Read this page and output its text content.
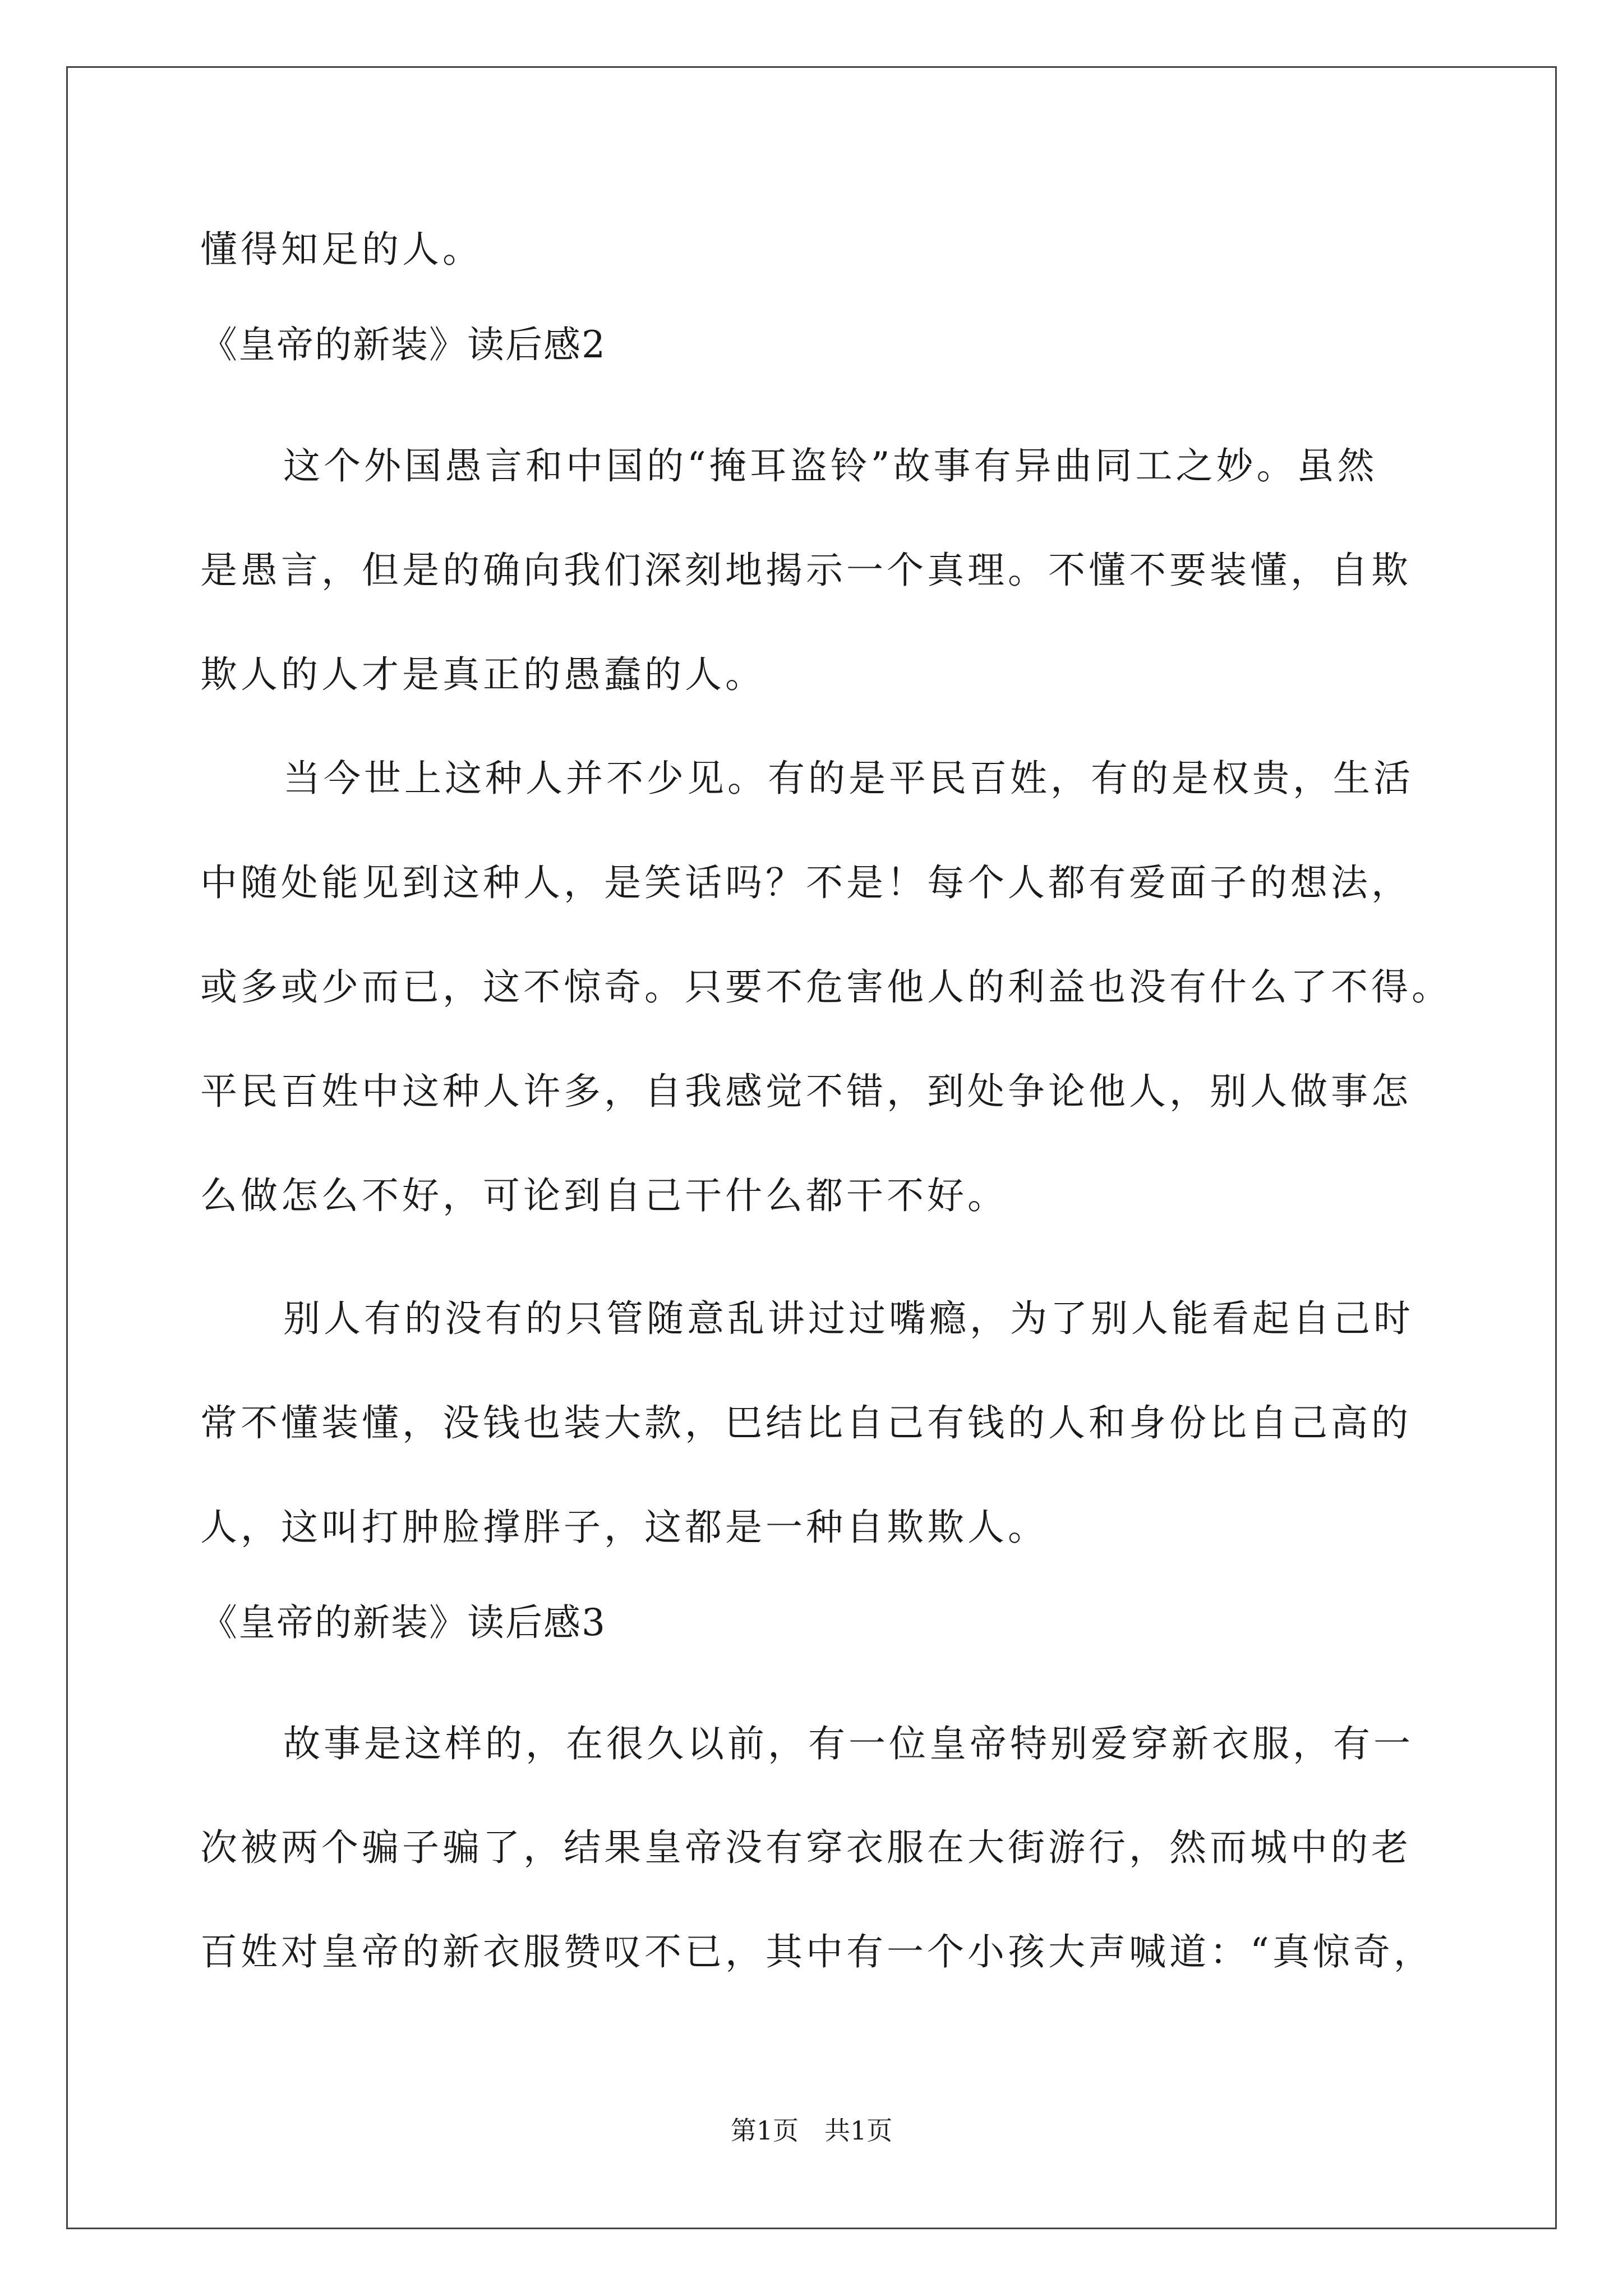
懂得知足的人。

《皇帝的新装》读后感2

这个外国愚言和中国的“掩耳盗铃”故事有异曲同工之妙。虽然

是愚言，但是的确向我们深刻地揭示一个真理。不懂不要装懂，自欺

欺人的人才是真正的愚蠢的人。

当今世上这种人并不少见。有的是平民百姓，有的是权贵，生活

中随处能见到这种人，是笑话吗？不是！每个人都有爱面子的想法，

或多或少而已，这不惊奇。只要不危害他人的利益也没有什么了不得。

平民百姓中这种人许多，自我感觉不错，到处争论他人，别人做事怎

么做怎么不好，可论到自己干什么都干不好。

别人有的没有的只管随意乱讲过过嘴瘾，为了别人能看起自己时

常不懂装懂，没钱也装大款，巴结比自己有钱的人和身份比自己高的

人，这叫打肿脸撑胖子，这都是一种自欺欺人。

《皇帝的新装》读后感3

故事是这样的，在很久以前，有一位皇帝特别爱穿新衣服，有一

次被两个骗子骗了，结果皇帝没有穿衣服在大街游行，然而城中的老

百姓对皇帝的新衣服赞叹不已，其中有一个小孩大声喊道：“真惊奇，

第1页　共1页
